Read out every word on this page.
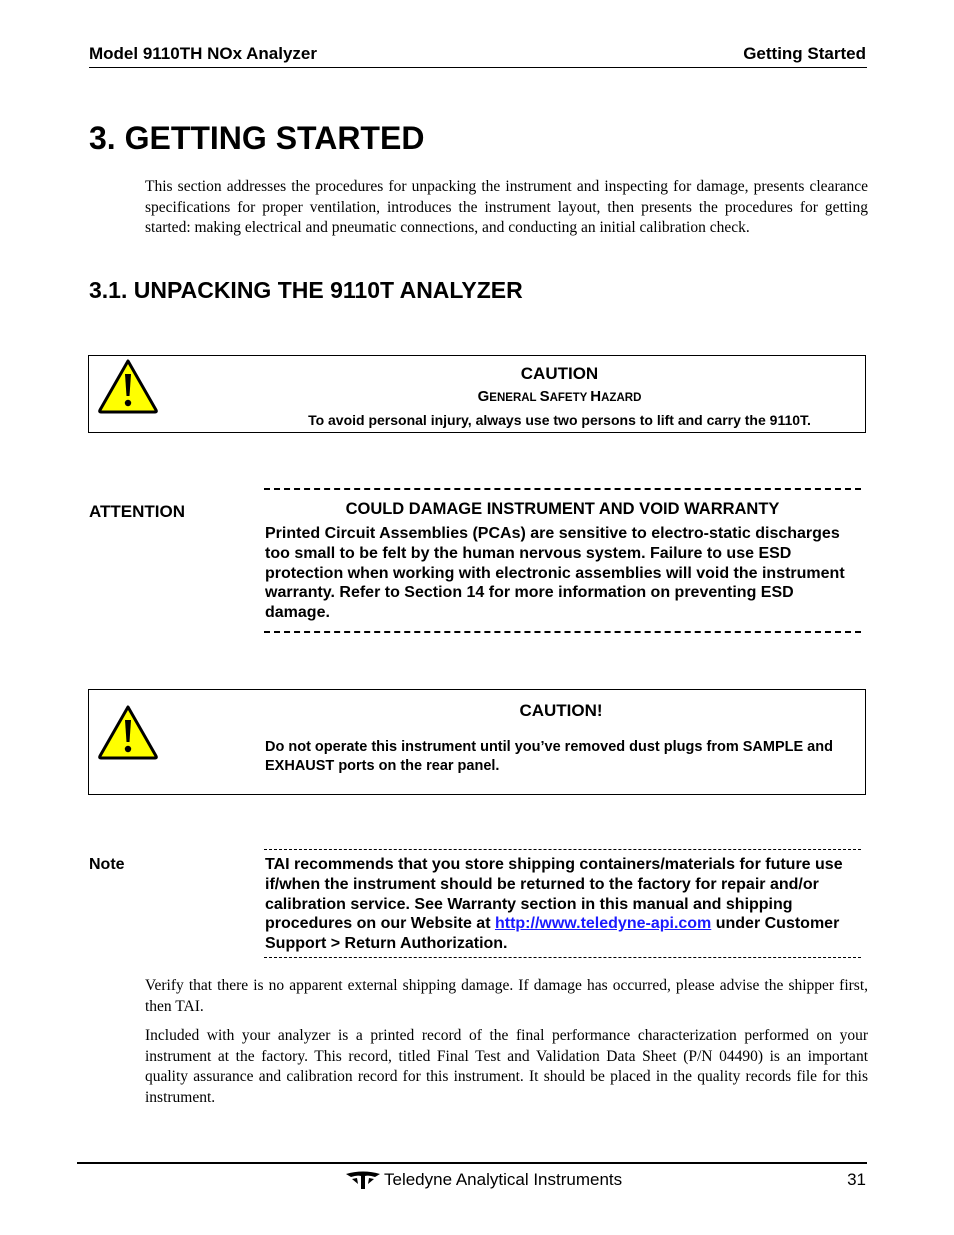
Model 9110TH NOx Analyzer	Getting Started
3. GETTING STARTED
This section addresses the procedures for unpacking the instrument and inspecting for damage, presents clearance specifications for proper ventilation, introduces the instrument layout, then presents the procedures for getting started: making electrical and pneumatic connections, and conducting an initial calibration check.
3.1. UNPACKING THE 9110T ANALYZER
CAUTION
GENERAL SAFETY HAZARD
To avoid personal injury, always use two persons to lift and carry the 9110T.
ATTENTION	COULD DAMAGE INSTRUMENT AND VOID WARRANTY
Printed Circuit Assemblies (PCAs) are sensitive to electro-static discharges too small to be felt by the human nervous system. Failure to use ESD protection when working with electronic assemblies will void the instrument warranty. Refer to Section 14 for more information on preventing ESD damage.
CAUTION!
Do not operate this instrument until you’ve removed dust plugs from SAMPLE and EXHAUST ports on the rear panel.
Note	TAI recommends that you store shipping containers/materials for future use if/when the instrument should be returned to the factory for repair and/or calibration service. See Warranty section in this manual and shipping procedures on our Website at http://www.teledyne-api.com under Customer Support > Return Authorization.
Verify that there is no apparent external shipping damage. If damage has occurred, please advise the shipper first, then TAI.
Included with your analyzer is a printed record of the final performance characterization performed on your instrument at the factory. This record, titled Final Test and Validation Data Sheet (P/N 04490) is an important quality assurance and calibration record for this instrument. It should be placed in the quality records file for this instrument.
Teledyne Analytical Instruments	31
